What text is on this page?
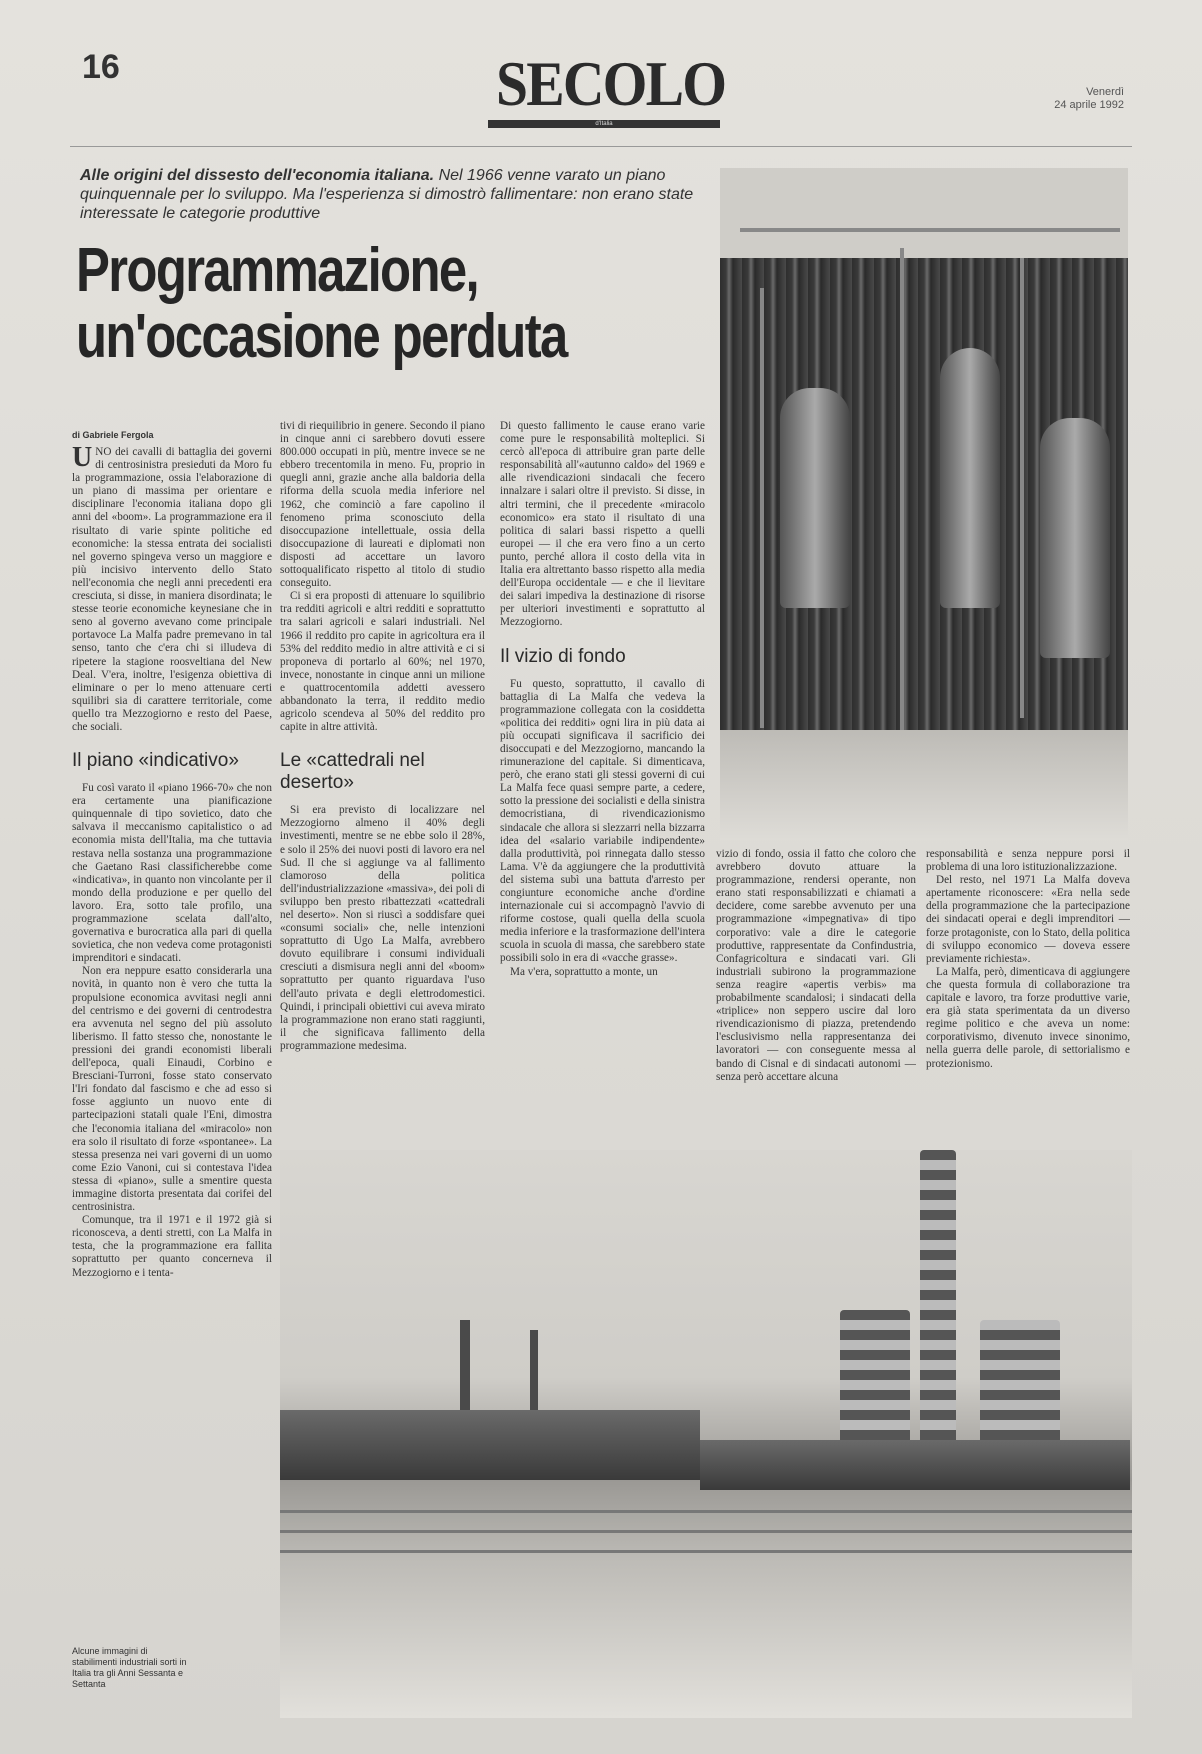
16	SECOLO
d'Italia
Venerdì
24 aprile 1992
Alle origini del dissesto dell'economia italiana. Nel 1966 venne varato un piano quinquennale per lo sviluppo. Ma l'esperienza si dimostrò fallimentare: non erano state interessate le categorie produttive
Programmazione,
un'occasione perduta
di Gabriele Fergola

UNO dei cavalli di battaglia dei governi di centrosinistra presieduti da Moro fu la programmazione, ossia l'elaborazione di un piano di massima per orientare e disciplinare l'economia italiana dopo gli anni del «boom». La programmazione era il risultato di varie spinte politiche ed economiche: la stessa entrata dei socialisti nel governo spingeva verso un maggiore e più incisivo intervento dello Stato nell'economia che negli anni precedenti era cresciuta, si disse, in maniera disordinata; le stesse teorie economiche keynesiane che in seno al governo avevano come principale portavoce La Malfa padre premevano in tal senso, tanto che c'era chi si illudeva di ripetere la stagione roosveltiana del New Deal. V'era, inoltre, l'esigenza obiettiva di eliminare o per lo meno attenuare certi squilibri sia di carattere territoriale, come quello tra Mezzogiorno e resto del Paese, che sociali.

Il piano «indicativo»

Fu così varato il «piano 1966-70» che non era certamente una pianificazione quinquennale di tipo sovietico, dato che salvava il meccanismo capitalistico o ad economia mista dell'Italia, ma che tuttavia restava nella sostanza una programmazione che Gaetano Rasi classificherebbe come «indicativa», in quanto non vincolante per il mondo della produzione e per quello del lavoro. Era, sotto tale profilo, una programmazione scelata dall'alto, governativa e burocratica alla pari di quella sovietica, che non vedeva come protagonisti imprenditori e sindacati.

Non era neppure esatto considerarla una novità, in quanto non è vero che tutta la propulsione economica avvitasi negli anni del centrismo e dei governi di centrodestra era avvenuta nel segno del più assoluto liberismo. Il fatto stesso che, nonostante le pressioni dei grandi economisti liberali dell'epoca, quali Einaudi, Corbino e Bresciani-Turroni, fosse stato conservato l'Iri fondato dal fascismo e che ad esso si fosse aggiunto un nuovo ente di partecipazioni statali quale l'Eni, dimostra che l'economia italiana del «miracolo» non era solo il risultato di forze «spontanee». La stessa presenza nei vari governi di un uomo come Ezio Vanoni, cui si contestava l'idea stessa di «piano», sulle a smentire questa immagine distorta presentata dai corifei del centrosinistra.

Comunque, tra il 1971 e il 1972 già si riconosceva, a denti stretti, con La Malfa in testa, che la programmazione era fallita soprattutto per quanto concerneva il Mezzogiorno e i tenta-

tivi di riequilibrio in genere. Secondo il piano in cinque anni ci sarebbero dovuti essere 800.000 occupati in più, mentre invece se ne ebbero trecentomila in meno. Fu, proprio in quegli anni, grazie anche alla baldoria della riforma della scuola media inferiore nel 1962, che cominciò a fare capolino il fenomeno prima sconosciuto della disoccupazione intellettuale, ossia della disoccupazione di laureati e diplomati non disposti ad accettare un lavoro sottoqualificato rispetto al titolo di studio conseguito.

Ci si era proposti di attenuare lo squilibrio tra redditi agricoli e altri redditi e soprattutto tra salari agricoli e salari industriali. Nel 1966 il reddito pro capite in agricoltura era il 53% del reddito medio in altre attività e ci si proponeva di portarlo al 60%; nel 1970, invece, nonostante in cinque anni un milione e quattrocentomila addetti avessero abbandonato la terra, il reddito medio agricolo scendeva al 50% del reddito pro capite in altre attività.

Le «cattedrali nel deserto»

Si era previsto di localizzare nel Mezzogiorno almeno il 40% degli investimenti, mentre se ne ebbe solo il 28%, e solo il 25% dei nuovi posti di lavoro era nel Sud. Il che si aggiunge va al fallimento clamoroso della politica dell'industrializzazione «massiva», dei poli di sviluppo ben presto ribattezzati «cattedrali nel deserto». Non si riuscì a soddisfare quei «consumi sociali» che, nelle intenzioni soprattutto di Ugo La Malfa, avrebbero dovuto equilibrare i consumi individuali cresciuti a dismisura negli anni del «boom» soprattutto per quanto riguardava l'uso dell'auto privata e degli elettrodomestici. Quindi, i principali obiettivi cui aveva mirato la programmazione non erano stati raggiunti, il che significava fallimento della programmazione medesima.

Di questo fallimento le cause erano varie come pure le responsabilità molteplici. Si cercò all'epoca di attribuire gran parte delle responsabilità all'«autunno caldo» del 1969 e alle rivendicazioni sindacali che fecero innalzare i salari oltre il previsto. Si disse, in altri termini, che il precedente «miracolo economico» era stato il risultato di una politica di salari bassi rispetto a quelli europei — il che era vero fino a un certo punto, perché allora il costo della vita in Italia era altrettanto basso rispetto alla media dell'Europa occidentale — e che il lievitare dei salari impediva la destinazione di risorse per ulteriori investimenti e soprattutto al Mezzogiorno.

Il vizio di fondo

Fu questo, soprattutto, il cavallo di battaglia di La Malfa che vedeva la programmazione collegata con la cosiddetta «politica dei redditi» ogni lira in più data ai più occupati significava il sacrificio dei disoccupati e del Mezzogiorno, mancando la rimunerazione del capitale. Si dimenticava, però, che erano stati gli stessi governi di cui La Malfa fece quasi sempre parte, a cedere, sotto la pressione dei socialisti e della sinistra democristiana, di rivendicazionismo sindacale che allora si slezzarri nella bizzarra idea del «salario variabile indipendente» dalla produttività, poi rinnegata dallo stesso Lama. V'è da aggiungere che la produttività del sistema subì una battuta d'arresto per congiunture economiche anche d'ordine internazionale cui si accompagnò l'avvio di riforme costose, quali quella della scuola media inferiore e la trasformazione dell'intera scuola in scuola di massa, che sarebbero state possibili solo in era di «vacche grasse».

Ma v'era, soprattutto a monte, un

vizio di fondo, ossia il fatto che coloro che avrebbero dovuto attuare la programmazione, rendersi operante, non erano stati responsabilizzati e chiamati a decidere, come sarebbe avvenuto per una programmazione «impegnativa» di tipo corporativo: vale a dire le categorie produttive, rappresentate da Confindustria, Confagricoltura e sindacati vari. Gli industriali subirono la programmazione senza reagire «apertis verbis» ma probabilmente scandalosi; i sindacati della «triplice» non seppero uscire dal loro rivendicazionismo di piazza, pretendendo l'esclusivismo nella rappresentanza dei lavoratori — con conseguente messa al bando di Cisnal e di sindacati autonomi — senza però accettare alcuna

responsabilità e senza neppure porsi il problema di una loro istituzionalizzazione.

Del resto, nel 1971 La Malfa doveva apertamente riconoscere: «Era nella sede della programmazione che la partecipazione dei sindacati operai e degli imprenditori — forze protagoniste, con lo Stato, della politica di sviluppo economico — doveva essere previamente richiesta».

La Malfa, però, dimenticava di aggiungere che questa formula di collaborazione tra capitale e lavoro, tra forze produttive varie, era già stata sperimentata da un diverso regime politico e che aveva un nome: corporativismo, divenuto invece sinonimo, nella guerra delle parole, di settorialismo e protezionismo.

Alcune immagini di stabilimenti industriali sorti in Italia tra gli Anni Sessanta e Settanta
